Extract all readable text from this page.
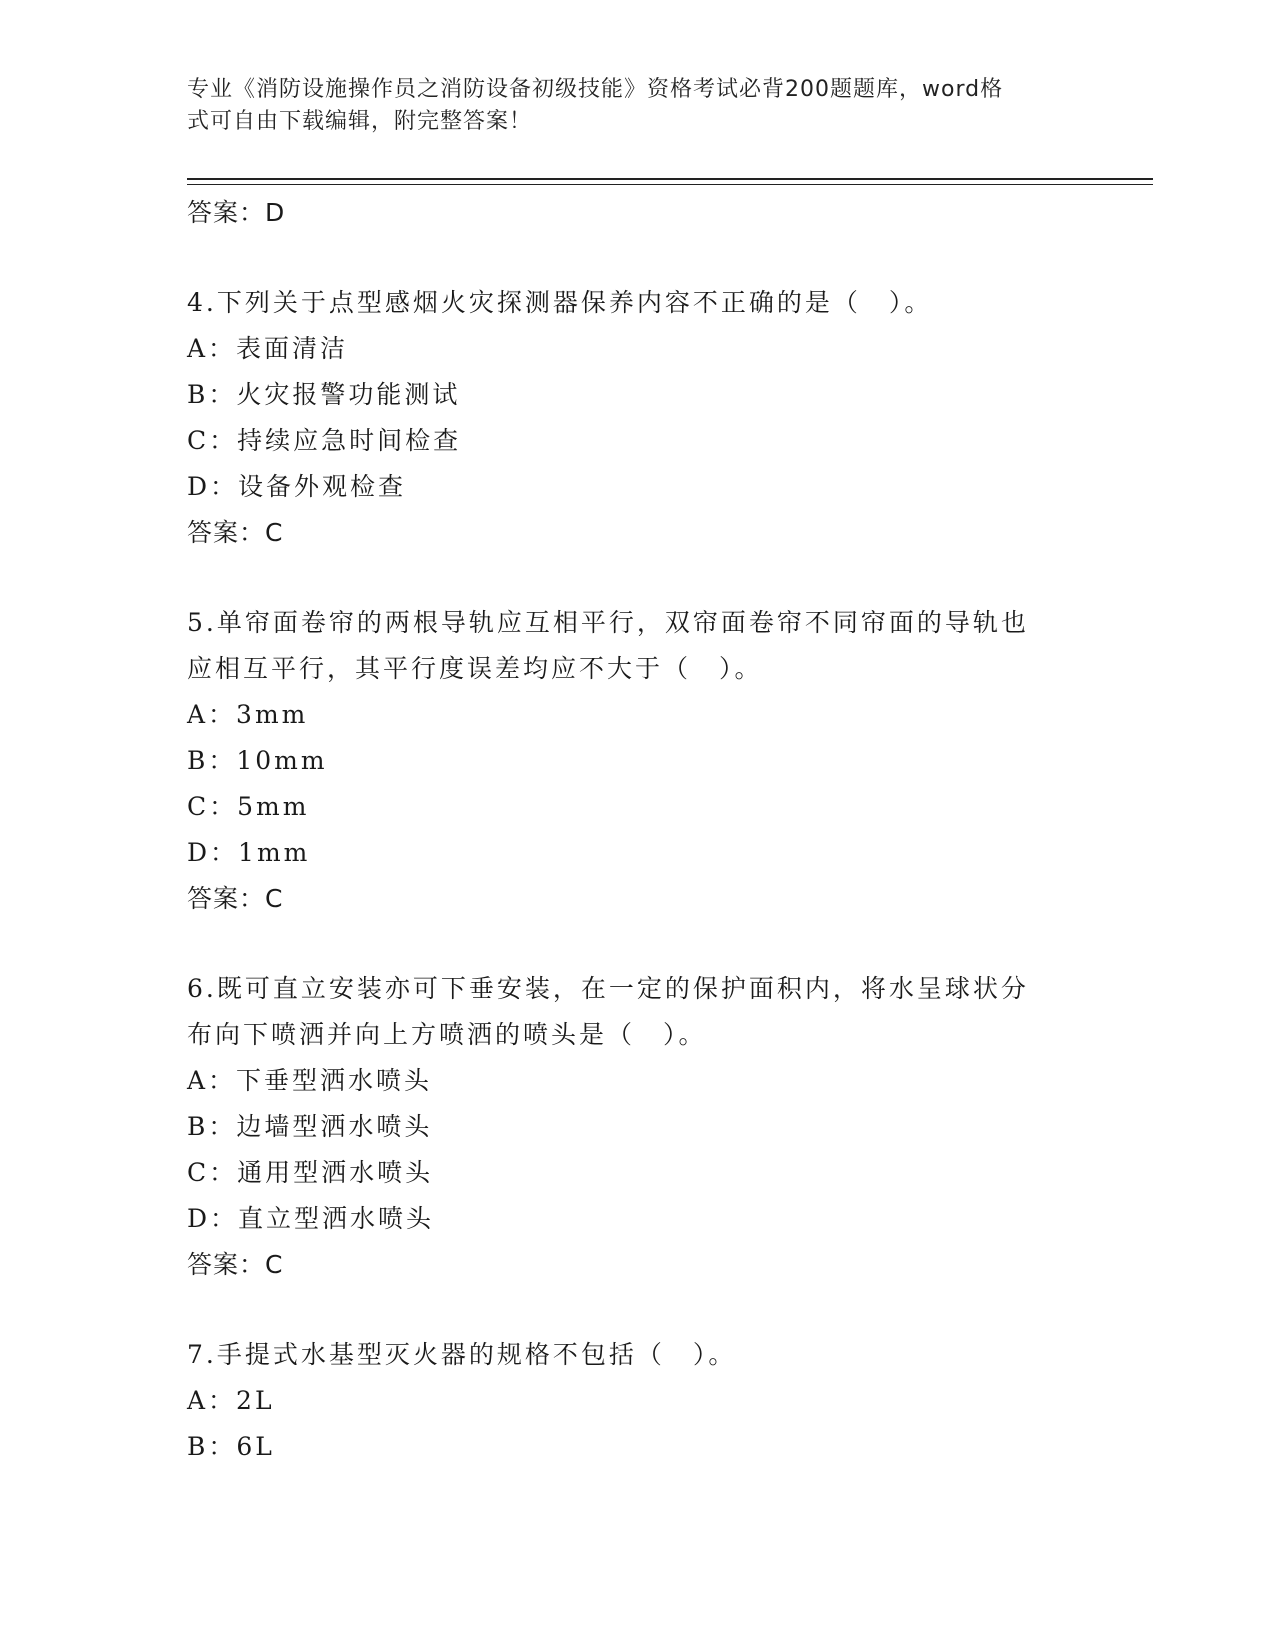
专业《消防设施操作员之消防设备初级技能》资格考试必背200题题库，word格
式可自由下载编辑，附完整答案！
答案：D
4.下列关于点型感烟火灾探测器保养内容不正确的是（　）。
A：表面清洁
B：火灾报警功能测试
C：持续应急时间检查
D：设备外观检查
答案：C
5.单帘面卷帘的两根导轨应互相平行，双帘面卷帘不同帘面的导轨也
应相互平行，其平行度误差均应不大于（　）。
A：3mm
B：10mm
C：5mm
D：1mm
答案：C
6.既可直立安装亦可下垂安装，在一定的保护面积内，将水呈球状分
布向下喷洒并向上方喷洒的喷头是（　）。
A：下垂型洒水喷头
B：边墙型洒水喷头
C：通用型洒水喷头
D：直立型洒水喷头
答案：C
7.手提式水基型灭火器的规格不包括（　）。
A：2L
B：6L
